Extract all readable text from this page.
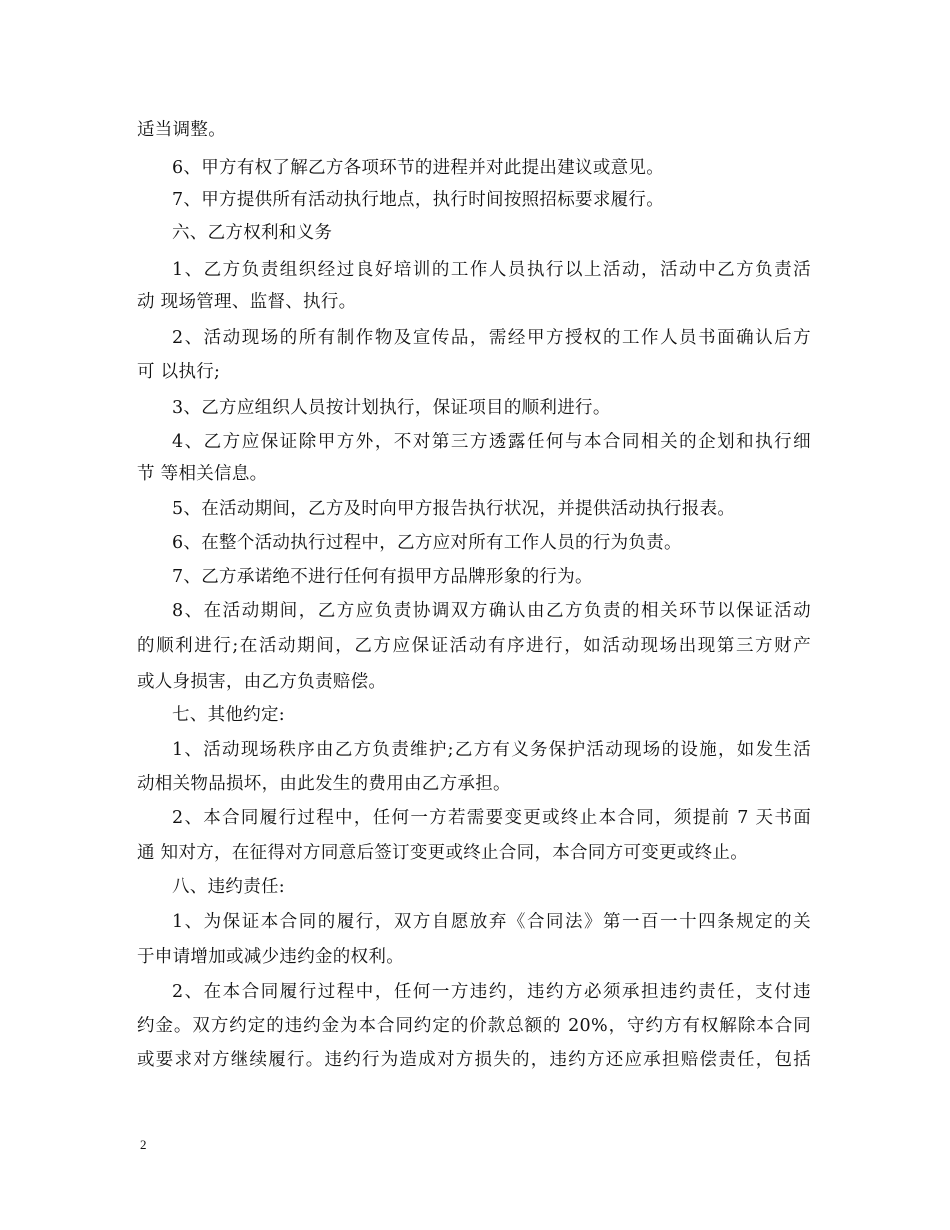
适当调整。
6、甲方有权了解乙方各项环节的进程并对此提出建议或意见。
7、甲方提供所有活动执行地点，执行时间按照招标要求履行。
六、乙方权利和义务
1、乙方负责组织经过良好培训的工作人员执行以上活动，活动中乙方负责活
动 现场管理、监督、执行。
2、活动现场的所有制作物及宣传品，需经甲方授权的工作人员书面确认后方
可 以执行;
3、乙方应组织人员按计划执行，保证项目的顺利进行。
4、乙方应保证除甲方外，不对第三方透露任何与本合同相关的企划和执行细
节 等相关信息。
5、在活动期间，乙方及时向甲方报告执行状况，并提供活动执行报表。
6、在整个活动执行过程中，乙方应对所有工作人员的行为负责。
7、乙方承诺绝不进行任何有损甲方品牌形象的行为。
8、在活动期间，乙方应负责协调双方确认由乙方负责的相关环节以保证活动
的顺利进行;在活动期间，乙方应保证活动有序进行，如活动现场出现第三方财产
或人身损害，由乙方负责赔偿。
七、其他约定:
1、活动现场秩序由乙方负责维护;乙方有义务保护活动现场的设施，如发生活
动相关物品损坏，由此发生的费用由乙方承担。
2、本合同履行过程中，任何一方若需要变更或终止本合同，须提前 7 天书面
通 知对方，在征得对方同意后签订变更或终止合同，本合同方可变更或终止。
八、违约责任:
1、为保证本合同的履行，双方自愿放弃《合同法》第一百一十四条规定的关
于申请增加或减少违约金的权利。
2、在本合同履行过程中，任何一方违约，违约方必须承担违约责任，支付违
约金。双方约定的违约金为本合同约定的价款总额的 20%，守约方有权解除本合同
或要求对方继续履行。违约行为造成对方损失的，违约方还应承担赔偿责任，包括
2
